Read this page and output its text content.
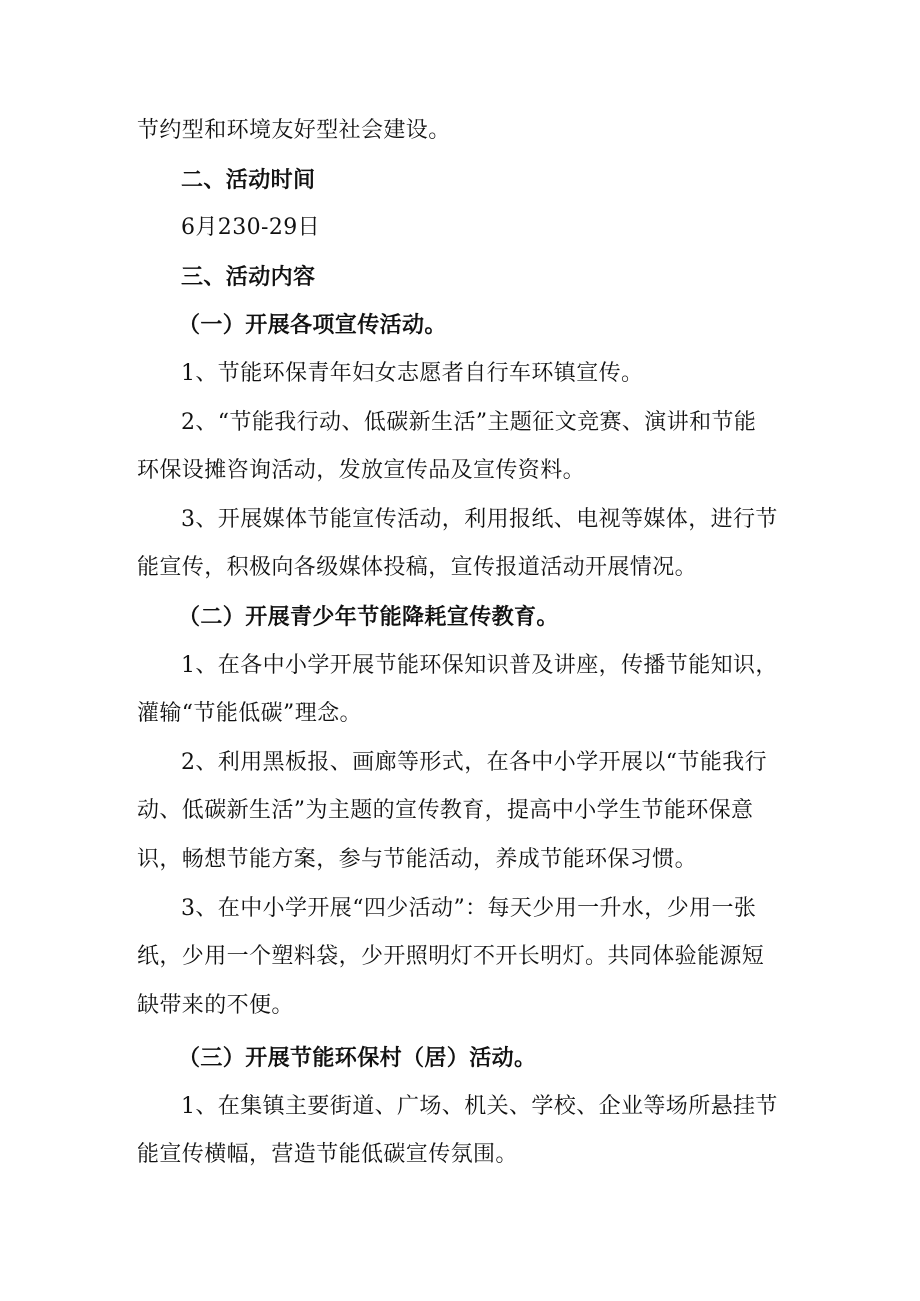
节约型和环境友好型社会建设。
二、活动时间
6月230-29日
三、活动内容
（一）开展各项宣传活动。
1、节能环保青年妇女志愿者自行车环镇宣传。
2、“节能我行动、低碳新生活”主题征文竞赛、演讲和节能
环保设摊咨询活动，发放宣传品及宣传资料。
3、开展媒体节能宣传活动，利用报纸、电视等媒体，进行节
能宣传，积极向各级媒体投稿，宣传报道活动开展情况。
（二）开展青少年节能降耗宣传教育。
1、在各中小学开展节能环保知识普及讲座，传播节能知识，
灌输“节能低碳”理念。
2、利用黑板报、画廊等形式，在各中小学开展以“节能我行
动、低碳新生活”为主题的宣传教育，提高中小学生节能环保意
识，畅想节能方案，参与节能活动，养成节能环保习惯。
3、在中小学开展“四少活动”：每天少用一升水，少用一张
纸，少用一个塑料袋，少开照明灯不开长明灯。共同体验能源短
缺带来的不便。
（三）开展节能环保村（居）活动。
1、在集镇主要街道、广场、机关、学校、企业等场所悬挂节
能宣传横幅，营造节能低碳宣传氛围。
